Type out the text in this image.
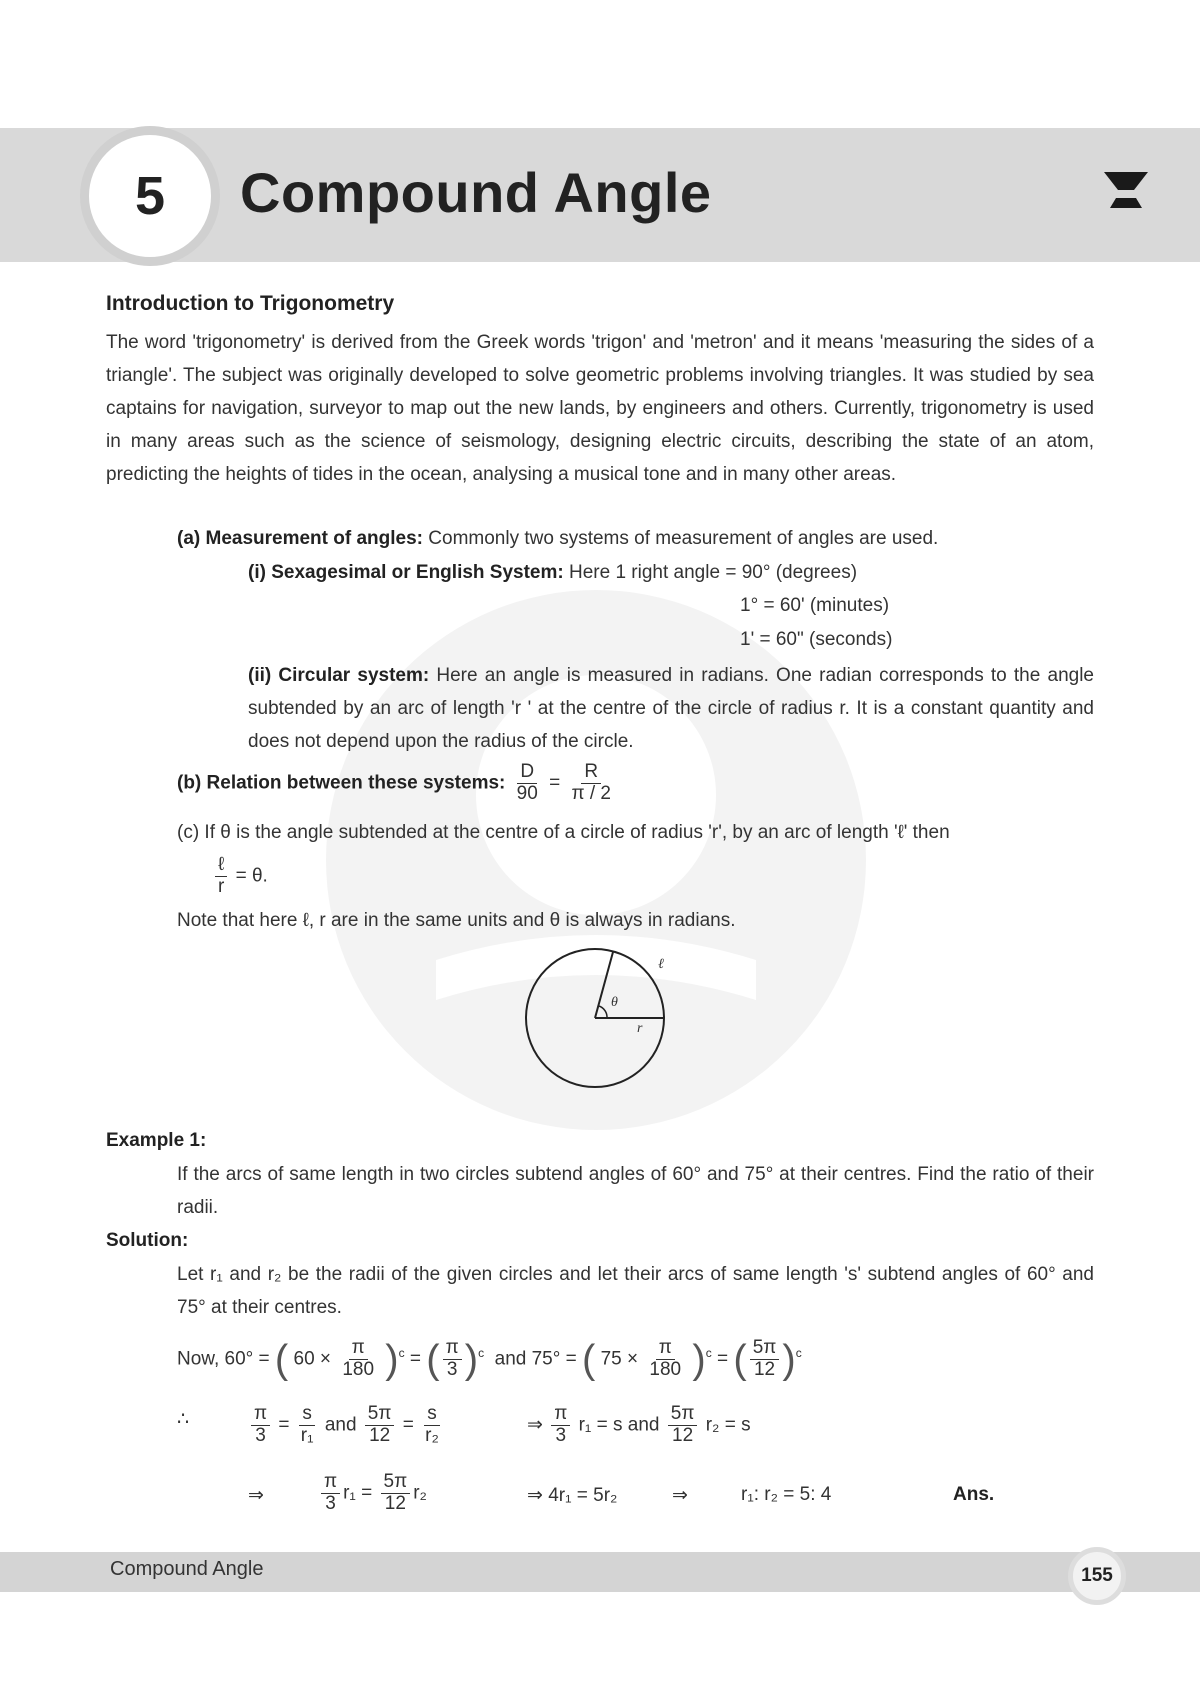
5 Compound Angle
Introduction to Trigonometry
The word 'trigonometry' is derived from the Greek words 'trigon' and 'metron' and it means 'measuring the sides of a triangle'. The subject was originally developed to solve geometric problems involving triangles. It was studied by sea captains for navigation, surveyor to map out the new lands, by engineers and others. Currently, trigonometry is used in many areas such as the science of seismology, designing electric circuits, describing the state of an atom, predicting the heights of tides in the ocean, analysing a musical tone and in many other areas.
(a) Measurement of angles: Commonly two systems of measurement of angles are used.
(i) Sexagesimal or English System: Here 1 right angle = 90° (degrees)
1° = 60' (minutes)
1' = 60" (seconds)
(ii) Circular system: Here an angle is measured in radians. One radian corresponds to the angle subtended by an arc of length 'r ' at the centre of the circle of radius r. It is a constant quantity and does not depend upon the radius of the circle.
(b) Relation between these systems: $\frac{D}{90} = \frac{R}{\pi / 2}$
(c) If θ is the angle subtended at the centre of a circle of radius 'r', by an arc of length 'ℓ' then
$\frac{\text{ℓ}}{r} = \theta$.
Note that here ℓ, r are in the same units and θ is always in radians.
θ
r
ℓ
Example 1:
If the arcs of same length in two circles subtend angles of 60° and 75° at their centres. Find the ratio of their radii.
Solution:
Let r₁ and r₂ be the radii of the given circles and let their arcs of same length 's' subtend angles of 60° and 75° at their centres.
Now, 60° = ( $60 \times \frac{\pi}{180} )^c$ = ( $\frac{\pi}{3} )^c$ and 75° = ( $75 \times \frac{\pi}{180} )^c$ = ( $\frac{5\pi}{12} )^c$
∴	$\frac{\pi}{3} = \frac{s}{\text{r₁}}$ and $\frac{5\pi}{12} = \frac{s}{\text{r₂}}$	⇒ $\frac{\pi}{3} r_1 = s$ and $\frac{5\pi}{12} r_2 = s$
⇒	$\frac{\pi}{3} r_1 = \frac{5\pi}{12} r_2$	⇒ 4r₁ = 5r₂	⇒	r₁: r₂ = 5: 4	Ans.
Compound Angle	155
